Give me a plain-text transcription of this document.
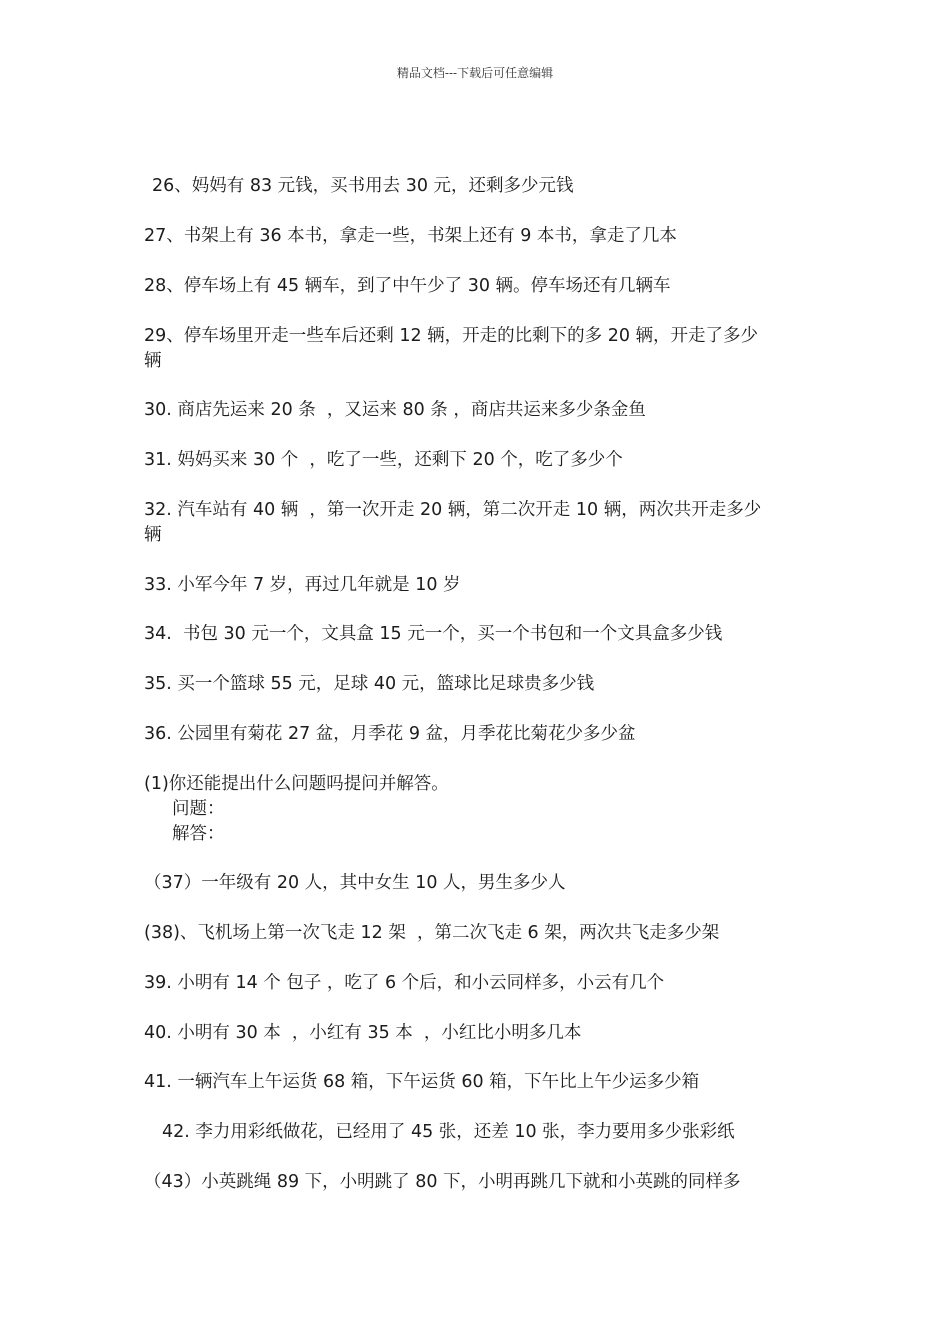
精品文档---下载后可任意编辑
26、妈妈有 83 元钱，买书用去 30 元，还剩多少元钱
27、书架上有 36 本书，拿走一些，书架上还有 9 本书，拿走了几本
28、停车场上有 45 辆车，到了中午少了 30 辆。停车场还有几辆车
29、停车场里开走一些车后还剩 12 辆，开走的比剩下的多 20 辆，开走了多少
辆
30. 商店先运来 20 条  ，又运来 80 条 ，商店共运来多少条金鱼
31. 妈妈买来 30 个  ，吃了一些，还剩下 20 个，吃了多少个
32. 汽车站有 40 辆  ，第一次开走 20 辆，第二次开走 10 辆，两次共开走多少
辆
33. 小军今年 7 岁，再过几年就是 10 岁
34.  书包 30 元一个，文具盒 15 元一个，买一个书包和一个文具盒多少钱
35. 买一个篮球 55 元，足球 40 元，篮球比足球贵多少钱
36. 公园里有菊花 27 盆，月季花 9 盆，月季花比菊花少多少盆
(1)你还能提出什么问题吗提问并解答。
问题：
解答：
（37）一年级有 20 人，其中女生 10 人，男生多少人
(38)、飞机场上第一次飞走 12 架  ，第二次飞走 6 架，两次共飞走多少架
39. 小明有 14 个 包子 ，吃了 6 个后，和小云同样多，小云有几个
40. 小明有 30 本  ，小红有 35 本  ，小红比小明多几本
41. 一辆汽车上午运货 68 箱，下午运货 60 箱，下午比上午少运多少箱
42. 李力用彩纸做花，已经用了 45 张，还差 10 张，李力要用多少张彩纸
（43）小英跳绳 89 下，小明跳了 80 下，小明再跳几下就和小英跳的同样多
